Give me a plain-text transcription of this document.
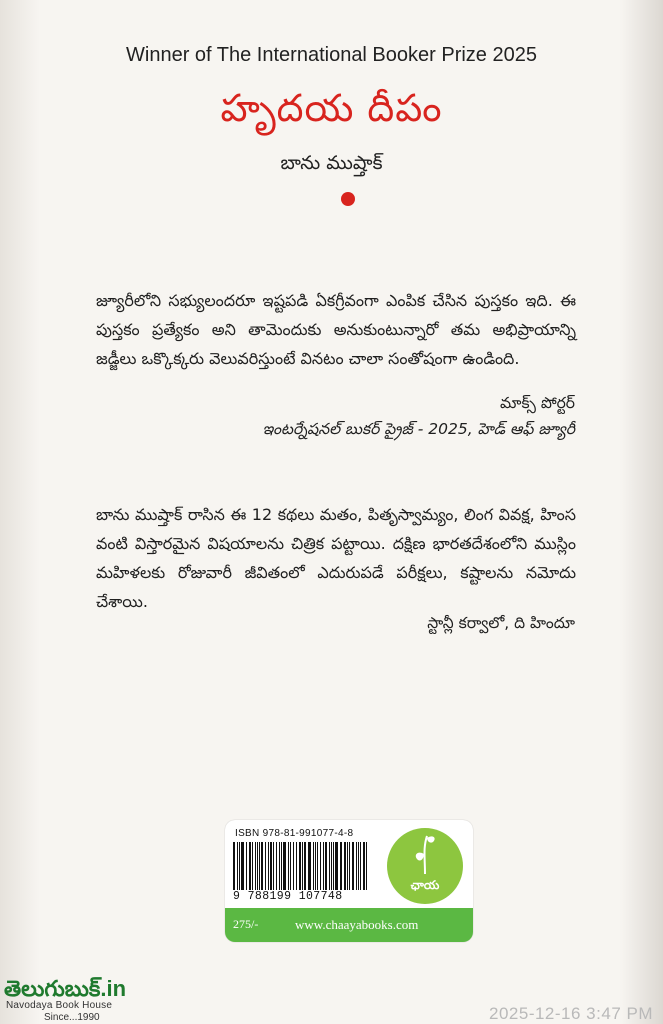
Winner of The International Booker Prize 2025
హృదయ దీపం
బాను ముష్తాక్
జ్యూరీలోని సభ్యులందరూ ఇష్టపడి ఏకగ్రీవంగా ఎంపిక చేసిన పుస్తకం ఇది. ఈ పుస్తకం ప్రత్యేకం అని తామెందుకు అనుకుంటున్నారో తమ అభిప్రాయాన్ని జడ్జీలు ఒక్కొక్కరు వెలువరిస్తుంటే వినటం చాలా సంతోషంగా ఉండింది.
మాక్స్ పోర్టర్
ఇంటర్నేషనల్ బుకర్ ప్రైజ్ - 2025, హెడ్ ఆఫ్ జ్యూరీ
బాను ముష్తాక్ రాసిన ఈ 12 కథలు మతం, పితృస్వామ్యం, లింగ వివక్ష, హింస వంటి విస్తారమైన విషయాలను చిత్రిక పట్టాయి. దక్షిణ భారతదేశంలోని ముస్లిం మహిళలకు రోజువారీ జీవితంలో ఎదురుపడే పరీక్షలు, కష్టాలను నమోదు చేశాయి.
స్టాన్లీ కర్వాలో, ది హిందూ
ISBN 978-81-991077-4-8
9 788199 107748
ఛాయ
275/-	www.chaayabooks.com
తెలుగుబుక్.in
Navodaya Book House
Since...1990	2025-12-16 3:47 PM
